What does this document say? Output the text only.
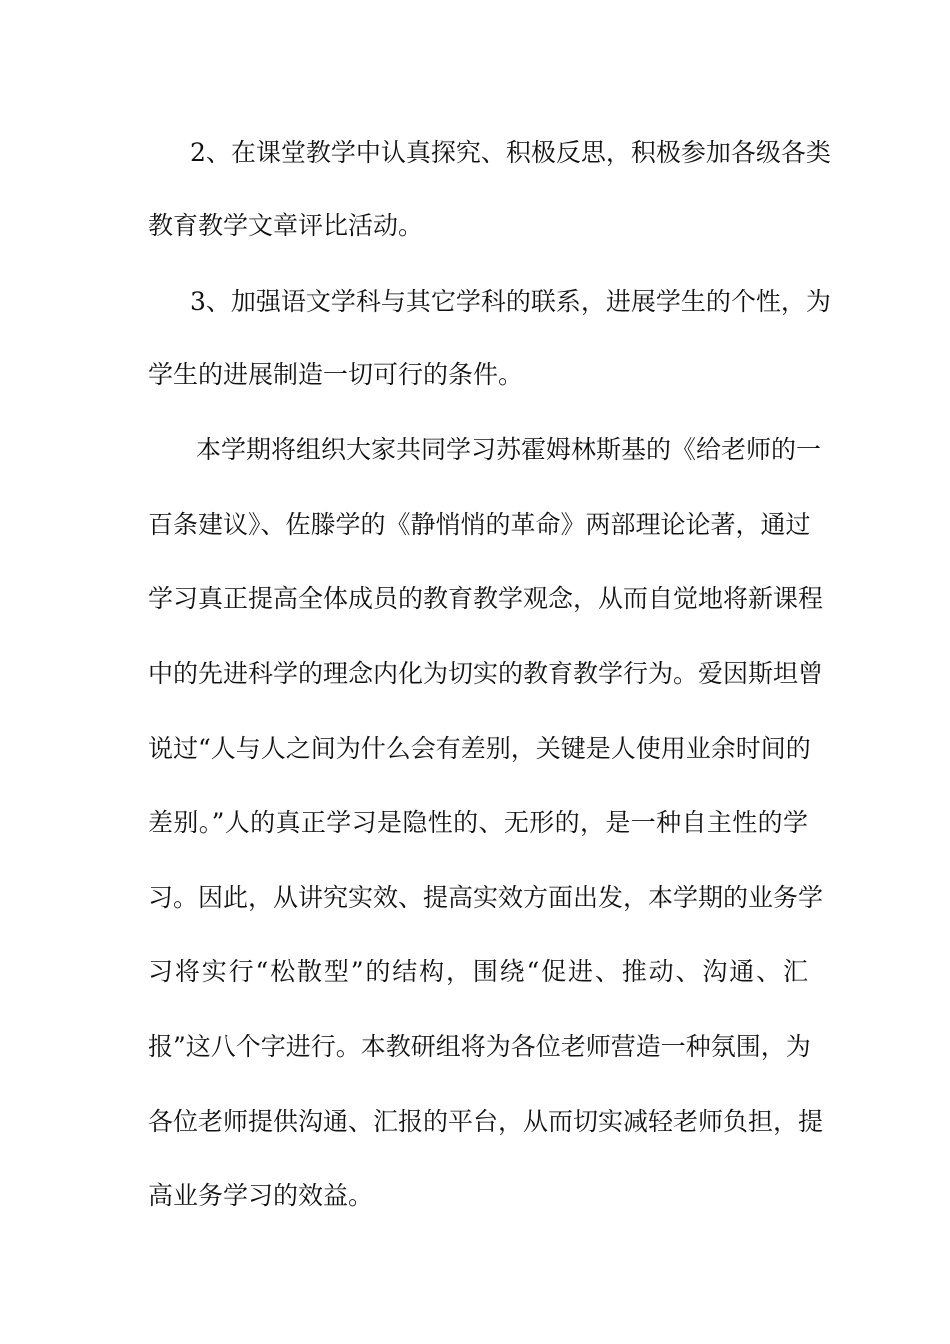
2、在课堂教学中认真探究、积极反思，积极参加各级各类
教育教学文章评比活动。
3、加强语文学科与其它学科的联系，进展学生的个性，为
学生的进展制造一切可行的条件。
本学期将组织大家共同学习苏霍姆林斯基的《给老师的一
百条建议》、佐滕学的《静悄悄的革命》两部理论论著，通过
学习真正提高全体成员的教育教学观念，从而自觉地将新课程
中的先进科学的理念内化为切实的教育教学行为。爱因斯坦曾
说过“人与人之间为什么会有差别，关键是人使用业余时间的
差别。”人的真正学习是隐性的、无形的，是一种自主性的学
习。因此，从讲究实效、提高实效方面出发，本学期的业务学
习将实行“松散型”的结构，围绕“促进、推动、沟通、汇
报”这八个字进行。本教研组将为各位老师营造一种氛围，为
各位老师提供沟通、汇报的平台，从而切实减轻老师负担，提
高业务学习的效益。
